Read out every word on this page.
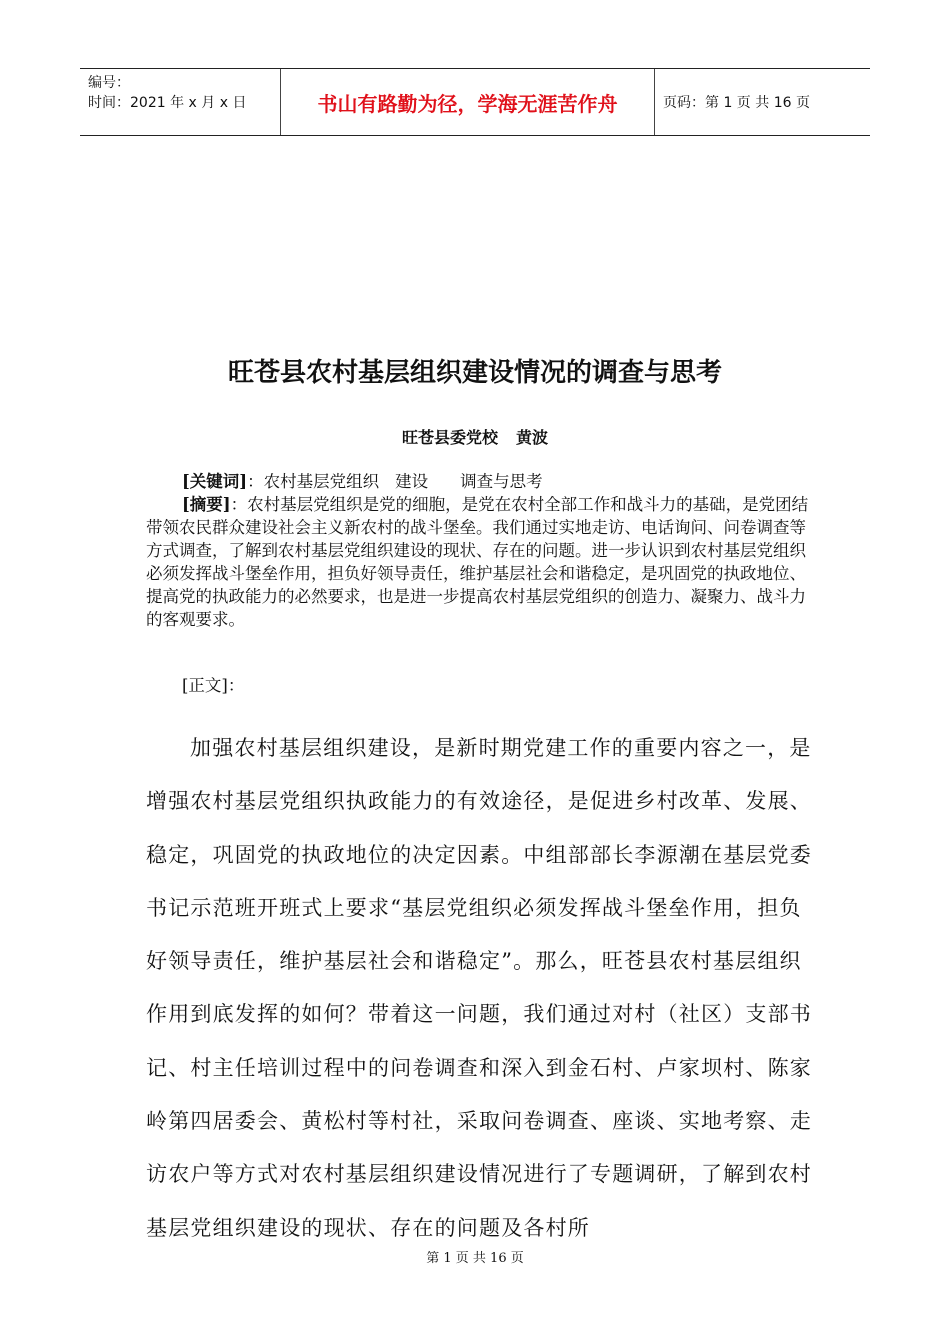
编号：
时间：2021 年 x 月 x 日	书山有路勤为径，学海无涯苦作舟	页码：第 1 页 共 16 页
旺苍县农村基层组织建设情况的调查与思考
旺苍县委党校 黄波

[关键词]：农村基层党组织 建设 调查与思考

[摘要]：农村基层党组织是党的细胞，是党在农村全部工作和战斗力的基础，是党团结带领农民群众建设社会主义新农村的战斗堡垒。我们通过实地走访、电话询问、问卷调查等方式调查，了解到农村基层党组织建设的现状、存在的问题。进一步认识到农村基层党组织必须发挥战斗堡垒作用，担负好领导责任，维护基层社会和谐稳定，是巩固党的执政地位、提高党的执政能力的必然要求，也是进一步提高农村基层党组织的创造力、凝聚力、战斗力的客观要求。

[正文]：

加强农村基层组织建设，是新时期党建工作的重要内容之一，是增强农村基层党组织执政能力的有效途径，是促进乡村改革、发展、稳定，巩固党的执政地位的决定因素。中组部部长李源潮在基层党委书记示范班开班式上要求“基层党组织必须发挥战斗堡垒作用，担负好领导责任，维护基层社会和谐稳定”。那么，旺苍县农村基层组织作用到底发挥的如何？带着这一问题，我们通过对村（社区）支部书记、村主任培训过程中的问卷调查和深入到金石村、卢家坝村、陈家岭第四居委会、黄松村等村社，采取问卷调查、座谈、实地考察、走访农户等方式对农村基层组织建设情况进行了专题调研，了解到农村基层党组织建设的现状、存在的问题及各村所

第 1 页 共 16 页
